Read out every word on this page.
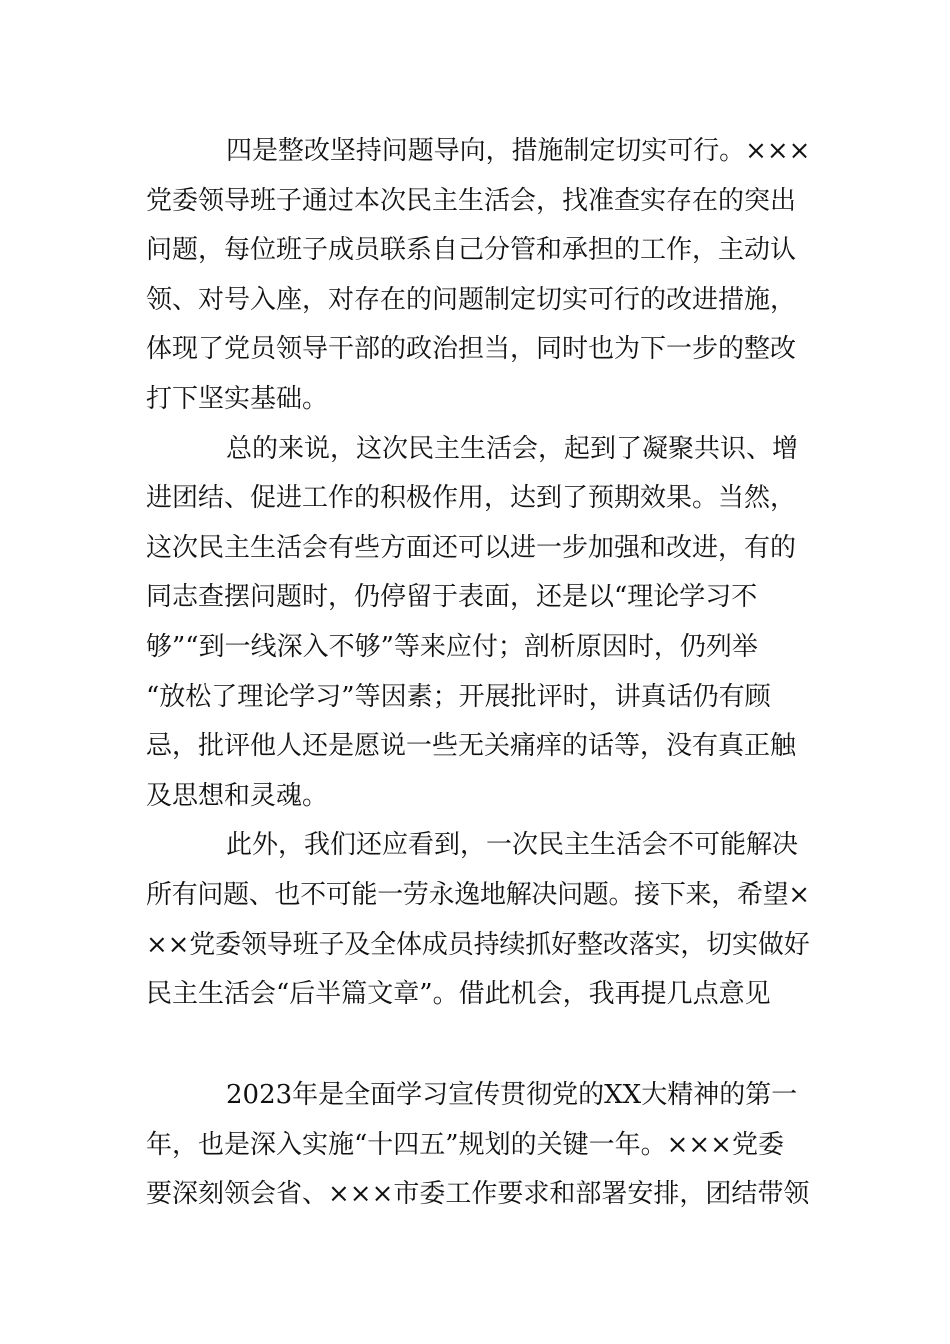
四是整改坚持问题导向，措施制定切实可行。×××
党委领导班子通过本次民主生活会，找准查实存在的突出
问题，每位班子成员联系自己分管和承担的工作，主动认
领、对号入座，对存在的问题制定切实可行的改进措施，
体现了党员领导干部的政治担当，同时也为下一步的整改
打下坚实基础。
总的来说，这次民主生活会，起到了凝聚共识、增
进团结、促进工作的积极作用，达到了预期效果。当然，
这次民主生活会有些方面还可以进一步加强和改进，有的
同志查摆问题时，仍停留于表面，还是以“理论学习不
够”“到一线深入不够”等来应付；剖析原因时，仍列举
“放松了理论学习”等因素；开展批评时，讲真话仍有顾
忌，批评他人还是愿说一些无关痛痒的话等，没有真正触
及思想和灵魂。
此外，我们还应看到，一次民主生活会不可能解决
所有问题、也不可能一劳永逸地解决问题。接下来，希望×
××党委领导班子及全体成员持续抓好整改落实，切实做好
民主生活会“后半篇文章”。借此机会，我再提几点意见
2023年是全面学习宣传贯彻党的XX大精神的第一
年，也是深入实施“十四五”规划的关键一年。×××党委
要深刻领会省、×××市委工作要求和部署安排，团结带领
